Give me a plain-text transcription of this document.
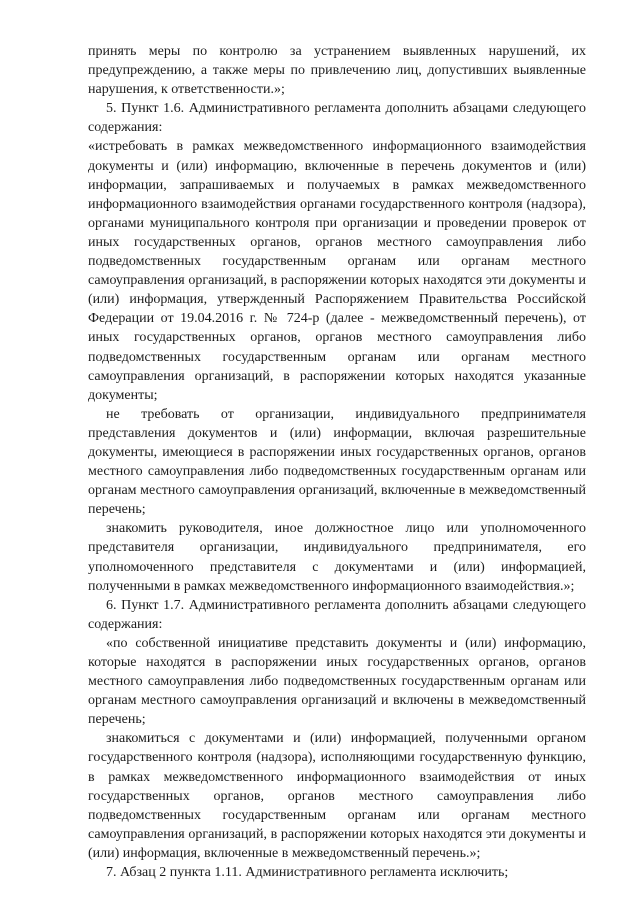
принять меры по контролю за устранением выявленных нарушений, их предупреждению, а также меры по привлечению лиц, допустивших выявленные нарушения, к ответственности.»;

5. Пункт 1.6. Административного регламента дополнить абзацами следующего содержания:

«истребовать в рамках межведомственного информационного взаимодействия документы и (или) информацию, включенные в перечень документов и (или) информации, запрашиваемых и получаемых в рамках межведомственного информационного взаимодействия органами государственного контроля (надзора), органами муниципального контроля при организации и проведении проверок от иных государственных органов, органов местного самоуправления либо подведомственных государственным органам или органам местного самоуправления организаций, в распоряжении которых находятся эти документы и (или) информация, утвержденный Распоряжением Правительства Российской Федерации от 19.04.2016 г. № 724-р (далее - межведомственный перечень), от иных государственных органов, органов местного самоуправления либо подведомственных государственным органам или органам местного самоуправления организаций, в распоряжении которых находятся указанные документы;

не требовать от организации, индивидуального предпринимателя представления документов и (или) информации, включая разрешительные документы, имеющиеся в распоряжении иных государственных органов, органов местного самоуправления либо подведомственных государственным органам или органам местного самоуправления организаций, включенные в межведомственный перечень;

знакомить руководителя, иное должностное лицо или уполномоченного представителя организации, индивидуального предпринимателя, его уполномоченного представителя с документами и (или) информацией, полученными в рамках межведомственного информационного взаимодействия.»;

6. Пункт 1.7. Административного регламента дополнить абзацами следующего содержания:

«по собственной инициативе представить документы и (или) информацию, которые находятся в распоряжении иных государственных органов, органов местного самоуправления либо подведомственных государственным органам или органам местного самоуправления организаций и включены в межведомственный перечень;

знакомиться с документами и (или) информацией, полученными органом государственного контроля (надзора), исполняющими государственную функцию, в рамках межведомственного информационного взаимодействия от иных государственных органов, органов местного самоуправления либо подведомственных государственным органам или органам местного самоуправления организаций, в распоряжении которых находятся эти документы и (или) информация, включенные в межведомственный перечень.»;

7. Абзац 2 пункта 1.11. Административного регламента исключить;
